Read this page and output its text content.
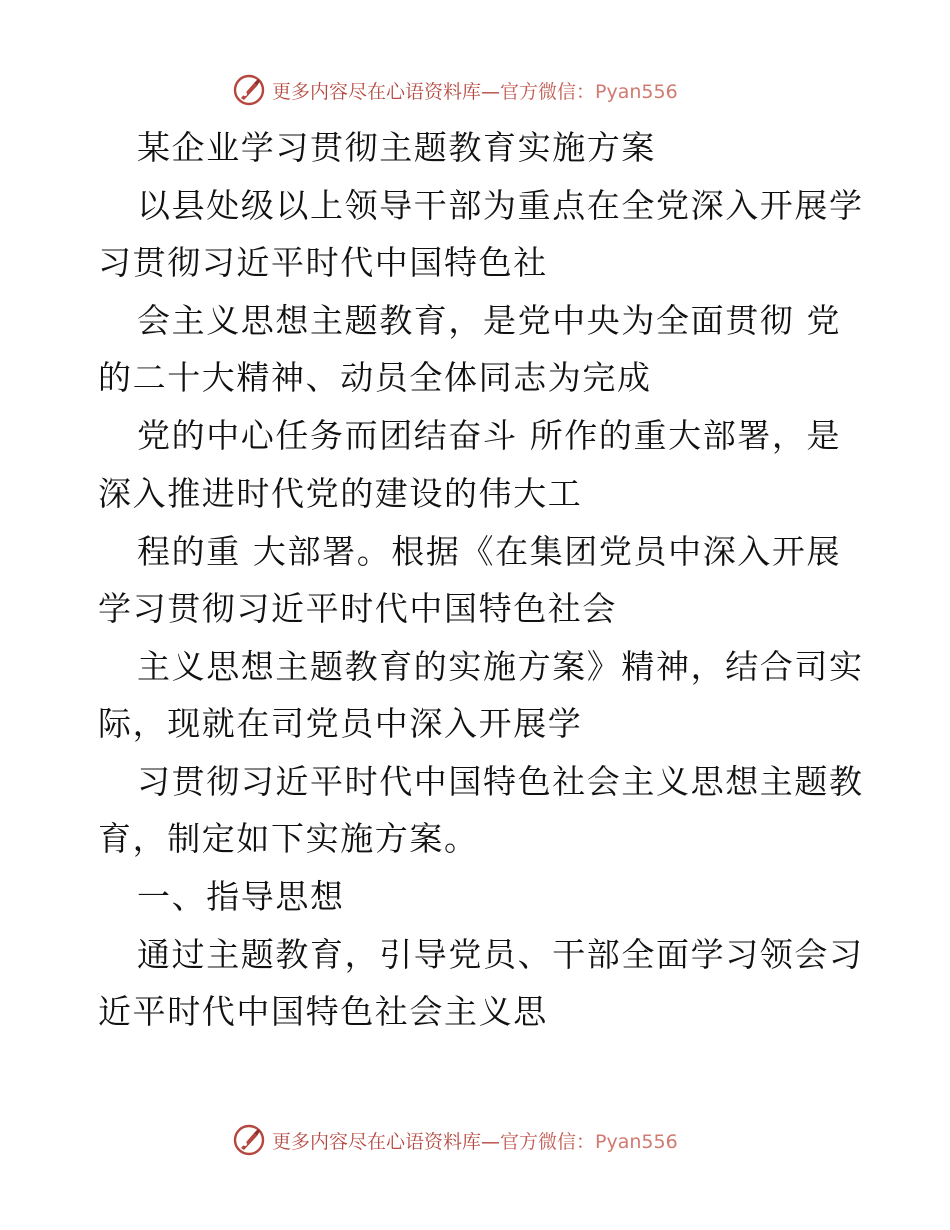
更多内容尽在心语资料库—官方微信：Pyan556
某企业学习贯彻主题教育实施方案
以县处级以上领导干部为重点在全党深入开展学
习贯彻习近平时代中国特色社
会主义思想主题教育，是党中央为全面贯彻 党
的二十大精神、动员全体同志为完成
党的中心任务而团结奋斗 所作的重大部署，是
深入推进时代党的建设的伟大工
程的重 大部署。根据《在集团党员中深入开展
学习贯彻习近平时代中国特色社会
主义思想主题教育的实施方案》精神，结合司实
际，现就在司党员中深入开展学
习贯彻习近平时代中国特色社会主义思想主题教
育，制定如下实施方案。
一、指导思想
通过主题教育，引导党员、干部全面学习领会习
近平时代中国特色社会主义思
更多内容尽在心语资料库—官方微信：Pyan556
